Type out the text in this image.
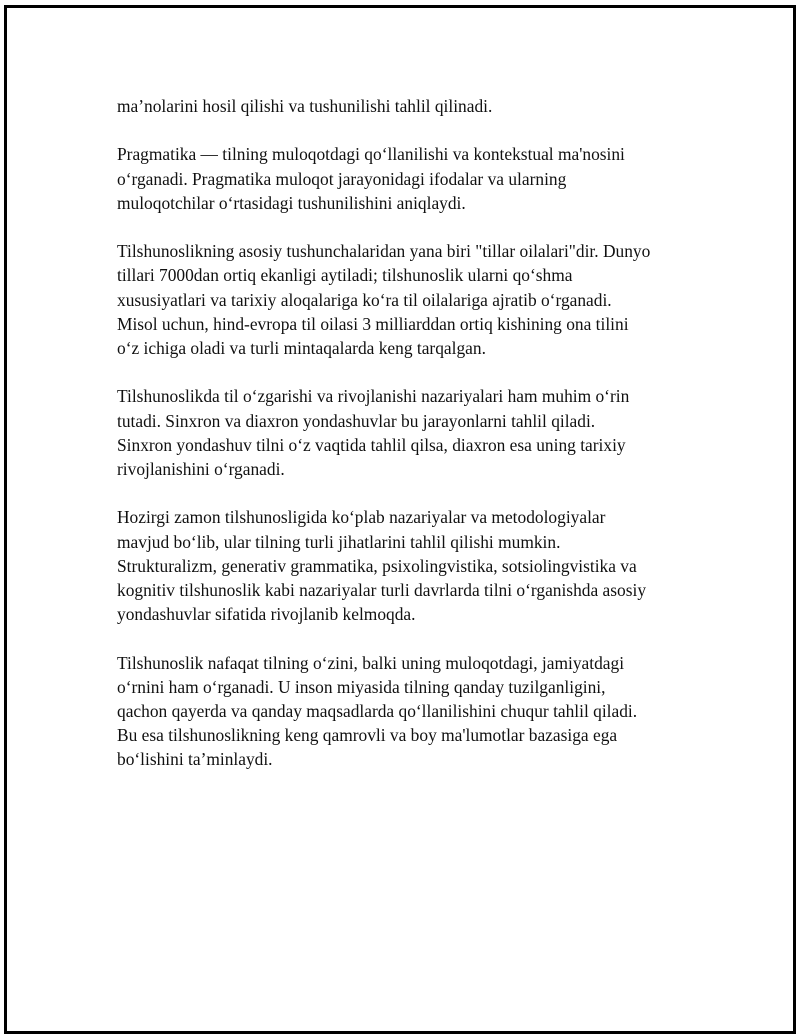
ma’nolarini hosil qilishi va tushunilishi tahlil qilinadi.

Pragmatika — tilning muloqotdagi qo‘llanilishi va kontekstual ma'nosini
o‘rganadi. Pragmatika muloqot jarayonidagi ifodalar va ularning
muloqotchilar o‘rtasidagi tushunilishini aniqlaydi.

Tilshunoslikning asosiy tushunchalaridan yana biri "tillar oilalari"dir. Dunyo
tillari 7000dan ortiq ekanligi aytiladi; tilshunoslik ularni qo‘shma
xususiyatlari va tarixiy aloqalariga ko‘ra til oilalariga ajratib o‘rganadi.
Misol uchun, hind-evropa til oilasi 3 milliarddan ortiq kishining ona tilini
o‘z ichiga oladi va turli mintaqalarda keng tarqalgan.

Tilshunoslikda til o‘zgarishi va rivojlanishi nazariyalari ham muhim o‘rin
tutadi. Sinxron va diaxron yondashuvlar bu jarayonlarni tahlil qiladi.
Sinxron yondashuv tilni o‘z vaqtida tahlil qilsa, diaxron esa uning tarixiy
rivojlanishini o‘rganadi.

Hozirgi zamon tilshunosligida ko‘plab nazariyalar va metodologiyalar
mavjud bo‘lib, ular tilning turli jihatlarini tahlil qilishi mumkin.
Strukturalizm, generativ grammatika, psixolingvistika, sotsiolingvistika va
kognitiv tilshunoslik kabi nazariyalar turli davrlarda tilni o‘rganishda asosiy
yondashuvlar sifatida rivojlanib kelmoqda.

Tilshunoslik nafaqat tilning o‘zini, balki uning muloqotdagi, jamiyatdagi
o‘rnini ham o‘rganadi. U inson miyasida tilning qanday tuzilganligini,
qachon qayerda va qanday maqsadlarda qo‘llanilishini chuqur tahlil qiladi.
Bu esa tilshunoslikning keng qamrovli va boy ma'lumotlar bazasiga ega
bo‘lishini ta’minlaydi.
